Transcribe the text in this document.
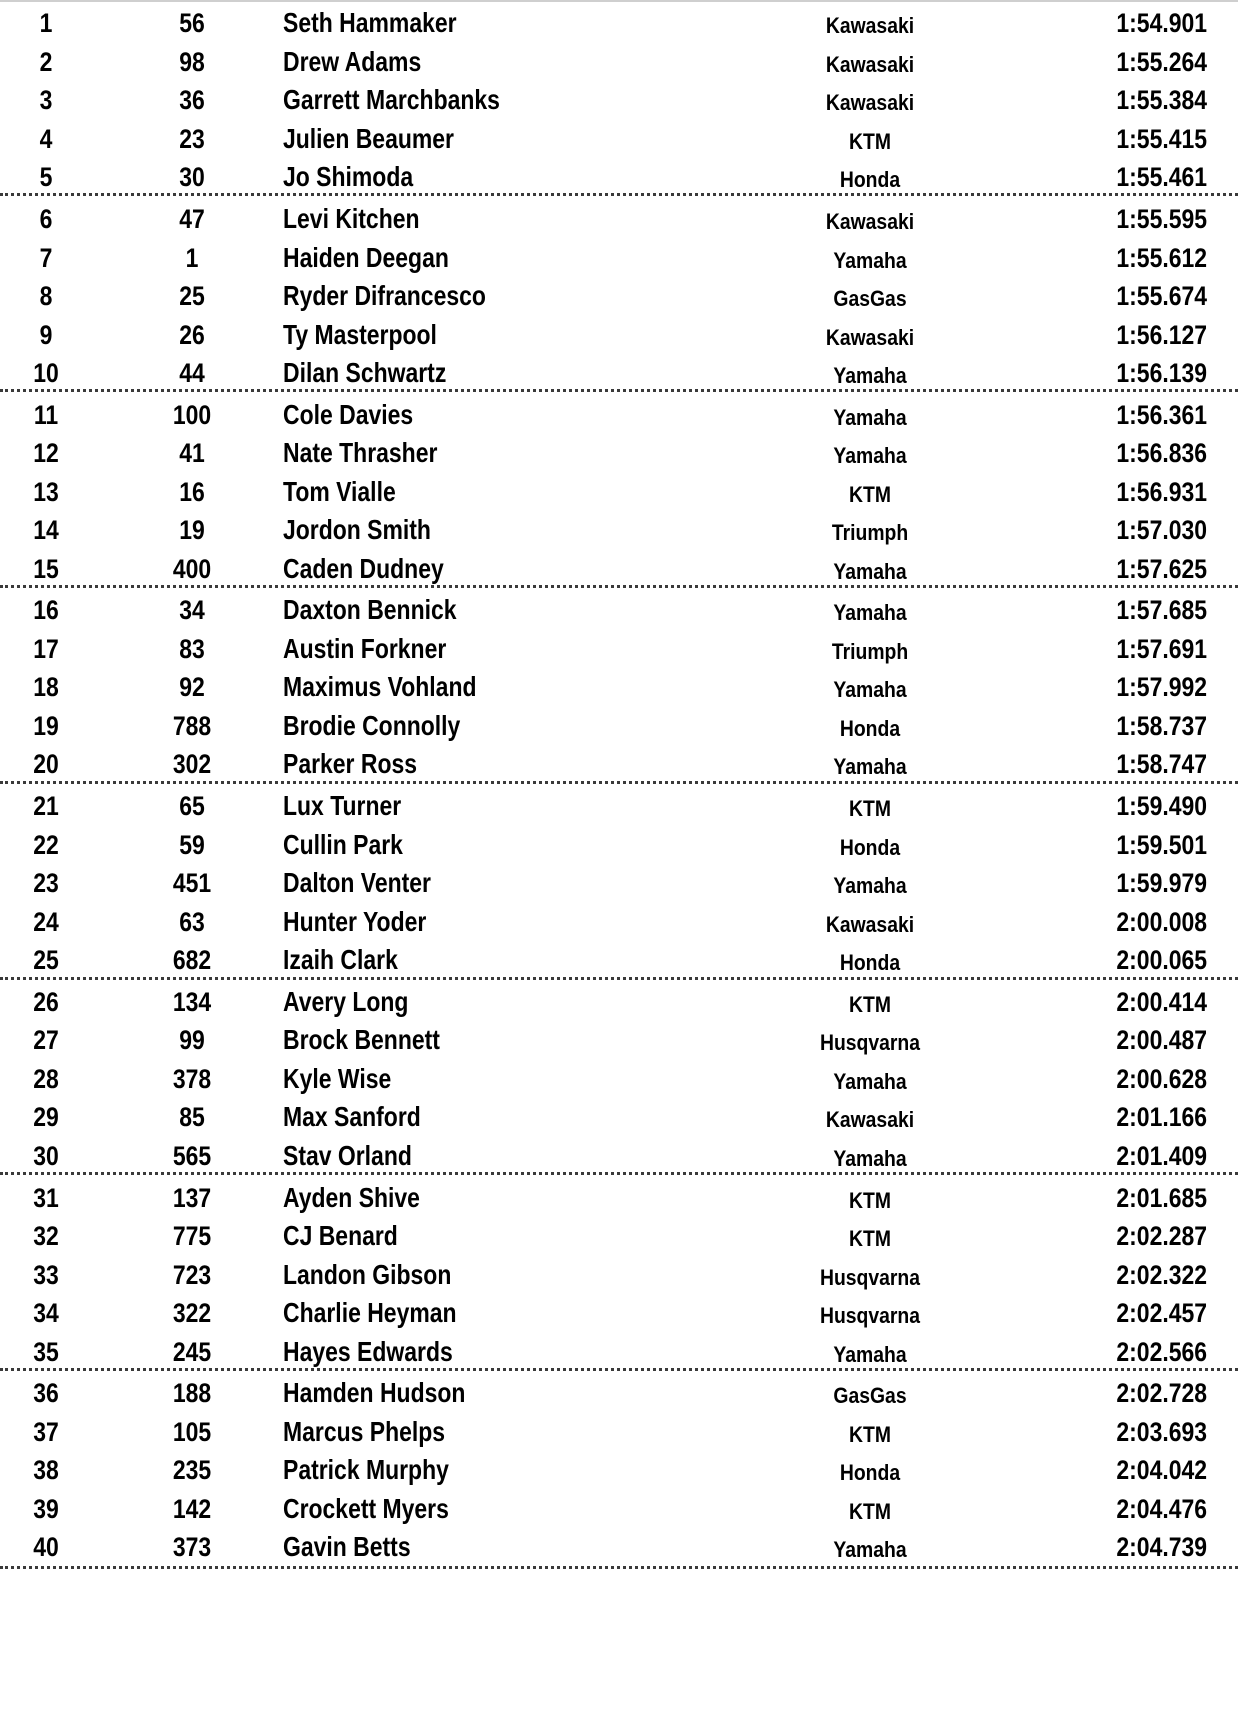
1	56	Seth Hammaker	Kawasaki	1:54.901
2	98	Drew Adams	Kawasaki	1:55.264
3	36	Garrett Marchbanks	Kawasaki	1:55.384
4	23	Julien Beaumer	KTM	1:55.415
5	30	Jo Shimoda	Honda	1:55.461
6	47	Levi Kitchen	Kawasaki	1:55.595
7	1	Haiden Deegan	Yamaha	1:55.612
8	25	Ryder Difrancesco	GasGas	1:55.674
9	26	Ty Masterpool	Kawasaki	1:56.127
10	44	Dilan Schwartz	Yamaha	1:56.139
11	100	Cole Davies	Yamaha	1:56.361
12	41	Nate Thrasher	Yamaha	1:56.836
13	16	Tom Vialle	KTM	1:56.931
14	19	Jordon Smith	Triumph	1:57.030
15	400	Caden Dudney	Yamaha	1:57.625
16	34	Daxton Bennick	Yamaha	1:57.685
17	83	Austin Forkner	Triumph	1:57.691
18	92	Maximus Vohland	Yamaha	1:57.992
19	788	Brodie Connolly	Honda	1:58.737
20	302	Parker Ross	Yamaha	1:58.747
21	65	Lux Turner	KTM	1:59.490
22	59	Cullin Park	Honda	1:59.501
23	451	Dalton Venter	Yamaha	1:59.979
24	63	Hunter Yoder	Kawasaki	2:00.008
25	682	Izaih Clark	Honda	2:00.065
26	134	Avery Long	KTM	2:00.414
27	99	Brock Bennett	Husqvarna	2:00.487
28	378	Kyle Wise	Yamaha	2:00.628
29	85	Max Sanford	Kawasaki	2:01.166
30	565	Stav Orland	Yamaha	2:01.409
31	137	Ayden Shive	KTM	2:01.685
32	775	CJ Benard	KTM	2:02.287
33	723	Landon Gibson	Husqvarna	2:02.322
34	322	Charlie Heyman	Husqvarna	2:02.457
35	245	Hayes Edwards	Yamaha	2:02.566
36	188	Hamden Hudson	GasGas	2:02.728
37	105	Marcus Phelps	KTM	2:03.693
38	235	Patrick Murphy	Honda	2:04.042
39	142	Crockett Myers	KTM	2:04.476
40	373	Gavin Betts	Yamaha	2:04.739
